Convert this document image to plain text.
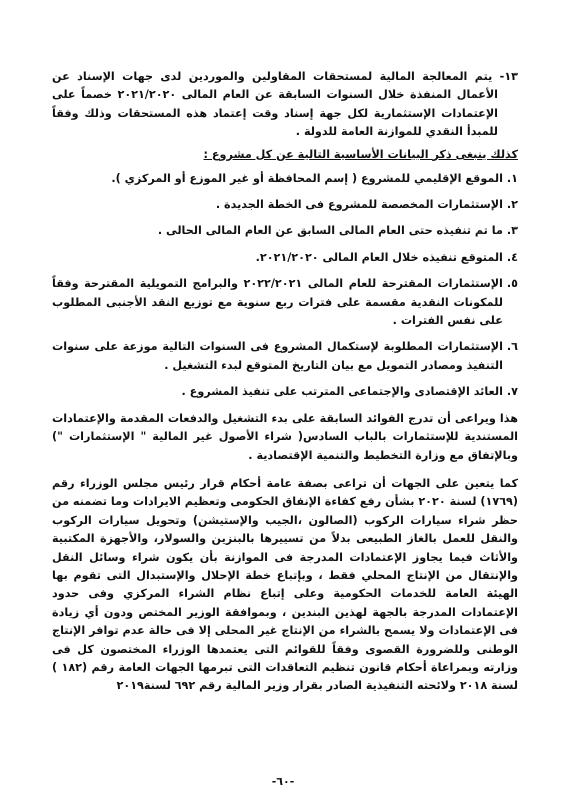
١٣- يتم المعالجة المالية لمستحقات المقاولين والموردين لدى جهات الإسناد عن الأعمال المنفذة خلال السنوات السابقة عن العام المالى ٢٠٢١/٢٠٢٠ خصماً على الإعتمادات الإستثمارية لكل جهة إسناد وقت إعتماد هذه المستحقات وذلك وفقاً للمبدأ النقدي للموازنة العامة للدولة .

كذلك ينبغى ذكر البيانات الأساسية التالية عن كل مشروع :

١.
الموقع الإقليمي للمشروع ( إسم المحافظة أو غير الموزع أو المركزي ).
٢.
الإستثمارات المخصصة للمشروع فى الخطة الجديدة .
٣.
ما تم تنفيذه حتى العام المالى السابق عن العام المالى الحالى .
٤.
المتوقع تنفيذه خلال العام المالى ٢٠٢١/٢٠٢٠.
٥.
الإستثمارات المقترحة للعام المالى ٢٠٢٢/٢٠٢١ والبرامج التمويلية المقترحة وفقاً للمكونات النقدية مقسمة على فترات ربع سنوية مع توزيع النقد الأجنبى المطلوب على نفس الفترات .
٦.
الإستثمارات المطلوبة لإستكمال المشروع فى السنوات التالية موزعة على سنوات التنفيذ ومصادر التمويل مع بيان التاريخ المتوقع لبدء التشغيل .
٧.
العائد الإقتصادى والإجتماعى المترتب على تنفيذ المشروع .

هذا ويراعى أن تدرج الفوائد السابقة على بدء التشغيل والدفعات المقدمة والإعتمادات المستندية للإستثمارات بالباب السادس( شراء الأصول غير المالية " الإستثمارات ") وبالإتفاق مع وزارة التخطيط والتنمية الإقتصادية .

كما يتعين على الجهات أن تراعى بصفة عامة أحكام قرار رئيس مجلس الوزراء رقم (١٧٦٩) لسنة ٢٠٢٠ بشأن رفع كفاءة الإنفاق الحكومى وتعظيم الايرادات وما تضمنه من حظر شراء سيارات الركوب (الصالون ،الجيب والإستيشن) وتحويل سيارات الركوب والنقل للعمل بالغاز الطبيعى بدلاً من تسييرها بالبنزين والسولار، والأجهزة المكتبية والأثاث فيما يجاوز الإعتمادات المدرجة فى الموازنة بأن يكون شراء وسائل النقل والإنتقال من الإنتاج المحلي فقط ، وبإتباع خطة الإحلال والإستبدال التى تقوم بها الهيئة العامة للخدمات الحكومية وعلى إتباع نظام الشراء المركزي وفى حدود الإعتمادات المدرجة بالجهة لهذين البندين ، وبموافقة الوزير المختص ودون أي زيادة فى الإعتمادات ولا يسمح بالشراء من الإنتاج غير المحلى إلا فى حالة عدم توافر الإنتاج الوطنى وللضرورة القصوى وفقاً للقوائم التى يعتمدها الوزراء المختصون كل فى وزارته وبمراعاة أحكام قانون تنظيم التعاقدات التى تبرمها الجهات العامة رقم (١٨٢ ) لسنة ٢٠١٨ ولائحته التنفيذية الصادر بقرار وزير المالية رقم ٦٩٢ لسنة٢٠١٩

-٦٠-
